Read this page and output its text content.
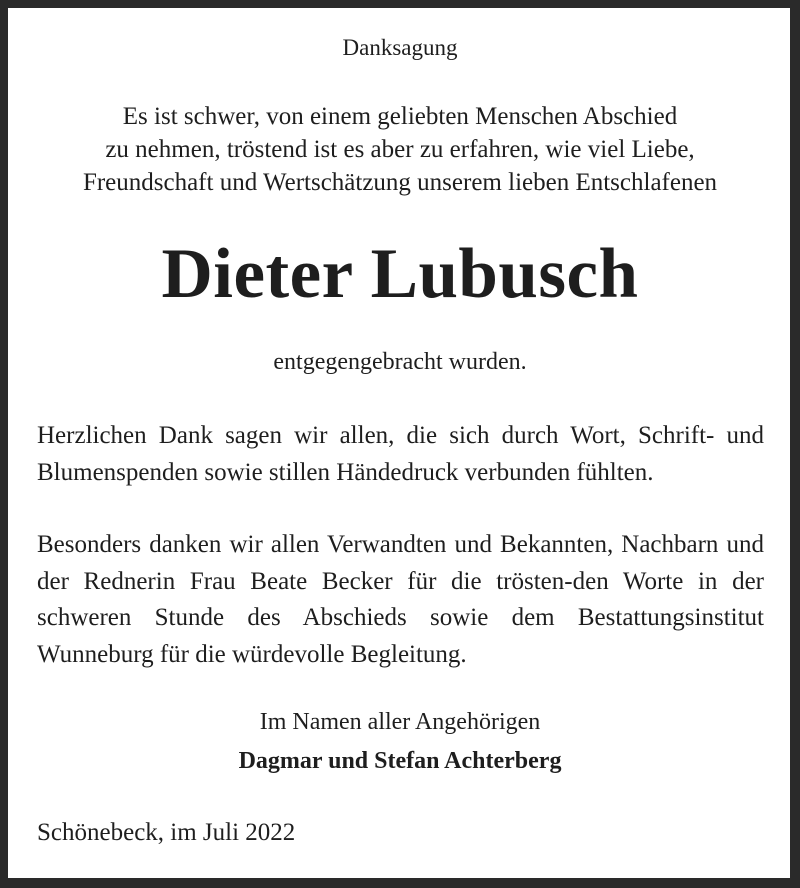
Danksagung
Es ist schwer, von einem geliebten Menschen Abschied
zu nehmen, tröstend ist es aber zu erfahren, wie viel Liebe,
Freundschaft und Wertschätzung unserem lieben Entschlafenen
Dieter Lubusch
entgegengebracht wurden.

Herzlichen Dank sagen wir allen, die sich durch Wort, Schrift- und Blumenspenden sowie stillen Händedruck verbunden fühlten.

Besonders danken wir allen Verwandten und Bekannten, Nachbarn und der Rednerin Frau Beate Becker für die trösten-den Worte in der schweren Stunde des Abschieds sowie dem Bestattungsinstitut Wunneburg für die würdevolle Begleitung.

Im Namen aller Angehörigen
Dagmar und Stefan Achterberg
Schönebeck, im Juli 2022
